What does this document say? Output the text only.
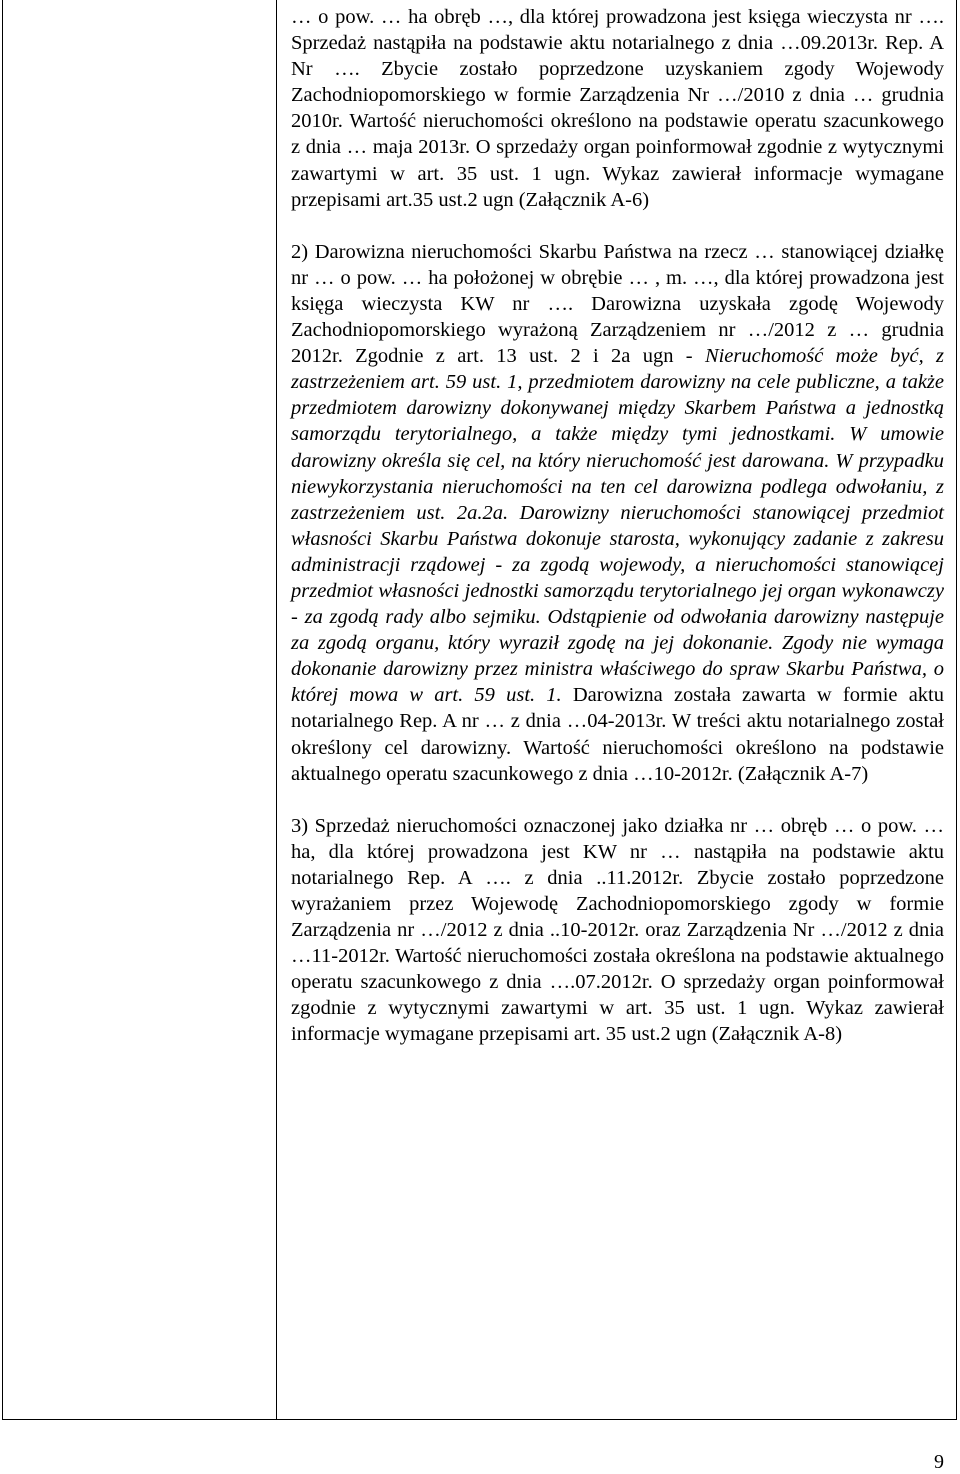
… o pow. … ha obręb …, dla której prowadzona jest księga wieczysta nr …. Sprzedaż nastąpiła na podstawie aktu notarialnego z dnia …09.2013r. Rep. A Nr …. Zbycie zostało poprzedzone uzyskaniem zgody Wojewody Zachodniopomorskiego w formie Zarządzenia Nr …/2010 z dnia … grudnia 2010r. Wartość nieruchomości określono na podstawie operatu szacunkowego z dnia … maja 2013r. O sprzedaży organ poinformował zgodnie z wytycznymi zawartymi w art. 35 ust. 1 ugn. Wykaz zawierał informacje wymagane przepisami art.35 ust.2 ugn (Załącznik A-6)

2) Darowizna nieruchomości Skarbu Państwa na rzecz … stanowiącej działkę nr … o pow. … ha położonej w obrębie … , m. …, dla której prowadzona jest księga wieczysta KW nr …. Darowizna uzyskała zgodę Wojewody Zachodniopomorskiego wyrażoną Zarządzeniem nr …/2012 z … grudnia 2012r. Zgodnie z art. 13 ust. 2 i 2a ugn - Nieruchomość może być, z zastrzeżeniem art. 59 ust. 1, przedmiotem darowizny na cele publiczne, a także przedmiotem darowizny dokonywanej między Skarbem Państwa a jednostką samorządu terytorialnego, a także między tymi jednostkami. W umowie darowizny określa się cel, na który nieruchomość jest darowana. W przypadku niewykorzystania nieruchomości na ten cel darowizna podlega odwołaniu, z zastrzeżeniem ust. 2a.2a. Darowizny nieruchomości stanowiącej przedmiot własności Skarbu Państwa dokonuje starosta, wykonujący zadanie z zakresu administracji rządowej - za zgodą wojewody, a nieruchomości stanowiącej przedmiot własności jednostki samorządu terytorialnego jej organ wykonawczy - za zgodą rady albo sejmiku. Odstąpienie od odwołania darowizny następuje za zgodą organu, który wyraził zgodę na jej dokonanie. Zgody nie wymaga dokonanie darowizny przez ministra właściwego do spraw Skarbu Państwa, o której mowa w art. 59 ust. 1. Darowizna została zawarta w formie aktu notarialnego Rep. A nr … z dnia …04-2013r. W treści aktu notarialnego został określony cel darowizny. Wartość nieruchomości określono na podstawie aktualnego operatu szacunkowego z dnia …10-2012r. (Załącznik A-7)

3) Sprzedaż nieruchomości oznaczonej jako działka nr … obręb … o pow. … ha, dla której prowadzona jest KW nr … nastąpiła na podstawie aktu notarialnego Rep. A …. z dnia ..11.2012r. Zbycie zostało poprzedzone wyrażaniem przez Wojewodę Zachodniopomorskiego zgody w formie Zarządzenia nr …/2012 z dnia ..10-2012r. oraz Zarządzenia Nr …/2012 z dnia …11-2012r. Wartość nieruchomości została określona na podstawie aktualnego operatu szacunkowego z dnia ….07.2012r. O sprzedaży organ poinformował zgodnie z wytycznymi zawartymi w art. 35 ust. 1 ugn. Wykaz zawierał informacje wymagane przepisami art. 35 ust.2 ugn (Załącznik A-8)

9
